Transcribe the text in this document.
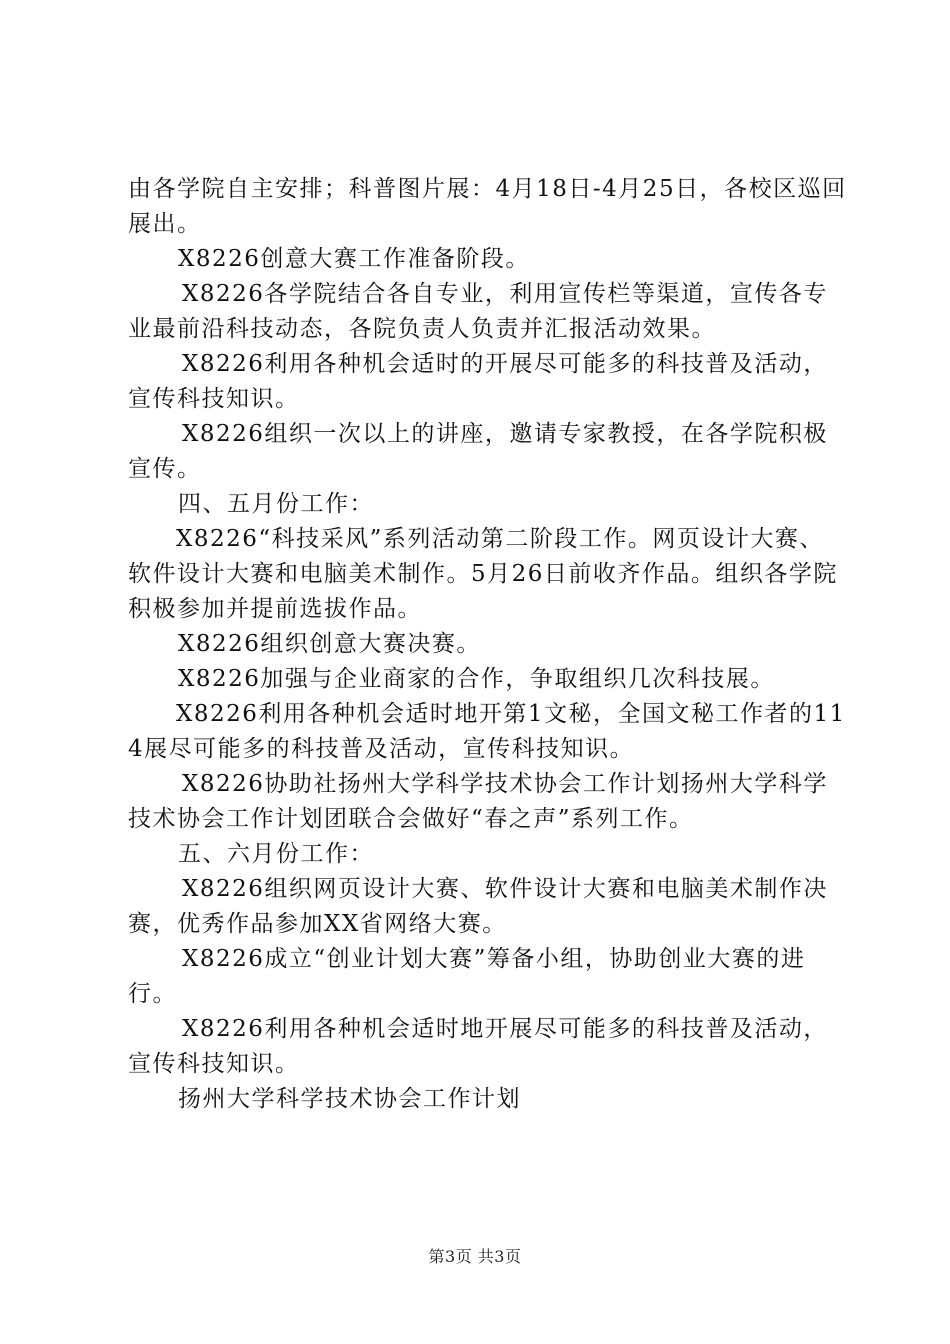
由各学院自主安排；科普图片展：4月18日-4月25日，各校区巡回展出。

X8226创意大赛工作准备阶段。

X8226各学院结合各自专业，利用宣传栏等渠道，宣传各专业最前沿科技动态，各院负责人负责并汇报活动效果。

X8226利用各种机会适时的开展尽可能多的科技普及活动，宣传科技知识。

X8226组织一次以上的讲座，邀请专家教授，在各学院积极宣传。

四、五月份工作：

X8226“科技采风”系列活动第二阶段工作。网页设计大赛、软件设计大赛和电脑美术制作。5月26日前收齐作品。组织各学院积极参加并提前选拔作品。

X8226组织创意大赛决赛。

X8226加强与企业商家的合作，争取组织几次科技展。

X8226利用各种机会适时地开第1文秘，全国文秘工作者的114展尽可能多的科技普及活动，宣传科技知识。

X8226协助社扬州大学科学技术协会工作计划扬州大学科学技术协会工作计划团联合会做好“春之声”系列工作。

五、六月份工作：

X8226组织网页设计大赛、软件设计大赛和电脑美术制作决赛，优秀作品参加XX省网络大赛。

X8226成立“创业计划大赛”筹备小组，协助创业大赛的进行。

X8226利用各种机会适时地开展尽可能多的科技普及活动，宣传科技知识。

扬州大学科学技术协会工作计划

第3页 共3页
